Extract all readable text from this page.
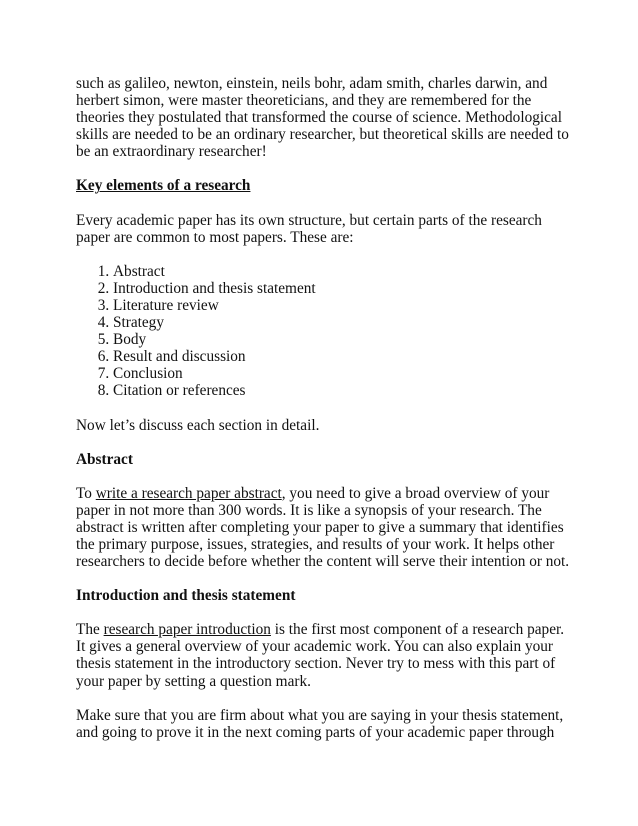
such as galileo, newton, einstein, neils bohr, adam smith, charles darwin, and herbert simon, were master theoreticians, and they are remembered for the theories they postulated that transformed the course of science. Methodological skills are needed to be an ordinary researcher, but theoretical skills are needed to be an extraordinary researcher!

Key elements of a research

Every academic paper has its own structure, but certain parts of the research paper are common to most papers. These are:

1. Abstract
2. Introduction and thesis statement
3. Literature review
4. Strategy
5. Body
6. Result and discussion
7. Conclusion
8. Citation or references

Now let’s discuss each section in detail.

Abstract

To write a research paper abstract, you need to give a broad overview of your paper in not more than 300 words. It is like a synopsis of your research. The abstract is written after completing your paper to give a summary that identifies the primary purpose, issues, strategies, and results of your work. It helps other researchers to decide before whether the content will serve their intention or not.

Introduction and thesis statement

The research paper introduction is the first most component of a research paper. It gives a general overview of your academic work. You can also explain your thesis statement in the introductory section. Never try to mess with this part of your paper by setting a question mark.

Make sure that you are firm about what you are saying in your thesis statement, and going to prove it in the next coming parts of your academic paper through
